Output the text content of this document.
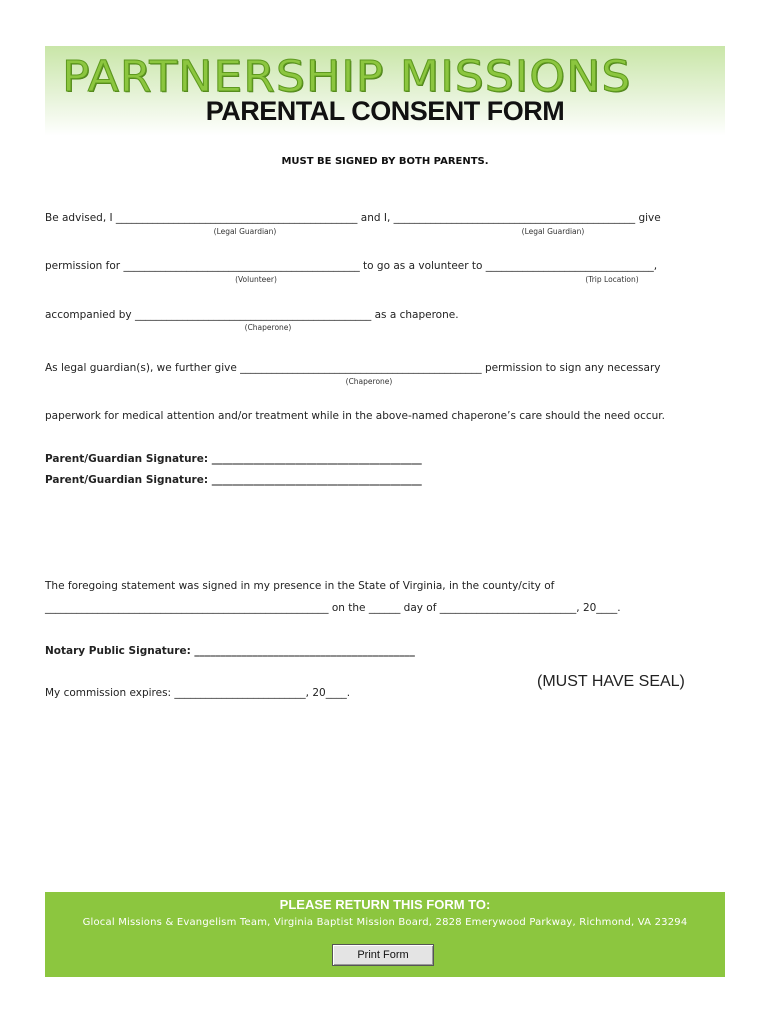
PARTNERSHIP MISSIONS
PARENTAL CONSENT FORM
MUST BE SIGNED BY BOTH PARENTS.
Be advised, I ______________________________________________ and I, ______________________________________________ give
(Legal Guardian)	(Legal Guardian)
permission for _____________________________________________ to go as a volunteer to ________________________________,
(Volunteer)	(Trip Location)
accompanied by _____________________________________________ as a chaperone.
(Chaperone)
As legal guardian(s), we further give ______________________________________________ permission to sign any necessary
(Chaperone)
paperwork for medical attention and/or treatment while in the above-named chaperone’s care should the need occur.
Parent/Guardian Signature: ________________________________________
Parent/Guardian Signature: ________________________________________
The foregoing statement was signed in my presence in the State of Virginia, in the county/city of
______________________________________________________ on the ______ day of __________________________, 20____.
Notary Public Signature: __________________________________________
(MUST HAVE SEAL)
My commission expires: _________________________, 20____.
PLEASE RETURN THIS FORM TO:
Glocal Missions & Evangelism Team, Virginia Baptist Mission Board, 2828 Emerywood Parkway, Richmond, VA 23294
Print Form
